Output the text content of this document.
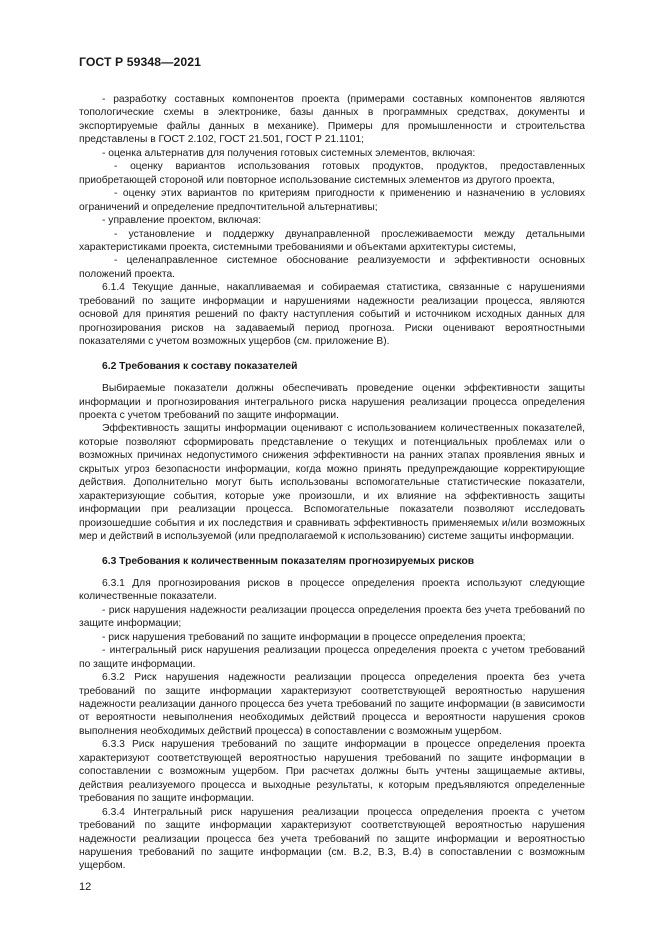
ГОСТ Р 59348—2021

- разработку составных компонентов проекта (примерами составных компонентов являются топологические схемы в электронике, базы данных в программных средствах, документы и экспортируемые файлы данных в механике). Примеры для промышленности и строительства представлены в ГОСТ 2.102, ГОСТ 21.501, ГОСТ Р 21.1101;

- оценка альтернатив для получения готовых системных элементов, включая:

- оценку вариантов использования готовых продуктов, продуктов, предоставленных приобретающей стороной или повторное использование системных элементов из другого проекта,

- оценку этих вариантов по критериям пригодности к применению и назначению в условиях ограничений и определение предпочтительной альтернативы;

- управление проектом, включая:

- установление и поддержку двунаправленной прослеживаемости между детальными характеристиками проекта, системными требованиями и объектами архитектуры системы,

- целенаправленное системное обоснование реализуемости и эффективности основных положений проекта.

6.1.4 Текущие данные, накапливаемая и собираемая статистика, связанные с нарушениями требований по защите информации и нарушениями надежности реализации процесса, являются основой для принятия решений по факту наступления событий и источником исходных данных для прогнозирования рисков на задаваемый период прогноза. Риски оценивают вероятностными показателями с учетом возможных ущербов (см. приложение В).

6.2 Требования к составу показателей

Выбираемые показатели должны обеспечивать проведение оценки эффективности защиты информации и прогнозирования интегрального риска нарушения реализации процесса определения проекта с учетом требований по защите информации.

Эффективность защиты информации оценивают с использованием количественных показателей, которые позволяют сформировать представление о текущих и потенциальных проблемах или о возможных причинах недопустимого снижения эффективности на ранних этапах проявления явных и скрытых угроз безопасности информации, когда можно принять предупреждающие корректирующие действия. Дополнительно могут быть использованы вспомогательные статистические показатели, характеризующие события, которые уже произошли, и их влияние на эффективность защиты информации при реализации процесса. Вспомогательные показатели позволяют исследовать произошедшие события и их последствия и сравнивать эффективность применяемых и/или возможных мер и действий в используемой (или предполагаемой к использованию) системе защиты информации.

6.3 Требования к количественным показателям прогнозируемых рисков

6.3.1 Для прогнозирования рисков в процессе определения проекта используют следующие количественные показатели.

- риск нарушения надежности реализации процесса определения проекта без учета требований по защите информации;

- риск нарушения требований по защите информации в процессе определения проекта;

- интегральный риск нарушения реализации процесса определения проекта с учетом требований по защите информации.

6.3.2 Риск нарушения надежности реализации процесса определения проекта без учета требований по защите информации характеризуют соответствующей вероятностью нарушения надежности реализации данного процесса без учета требований по защите информации (в зависимости от вероятности невыполнения необходимых действий процесса и вероятности нарушения сроков выполнения необходимых действий процесса) в сопоставлении с возможным ущербом.

6.3.3 Риск нарушения требований по защите информации в процессе определения проекта характеризуют соответствующей вероятностью нарушения требований по защите информации в сопоставлении с возможным ущербом. При расчетах должны быть учтены защищаемые активы, действия реализуемого процесса и выходные результаты, к которым предъявляются определенные требования по защите информации.

6.3.4 Интегральный риск нарушения реализации процесса определения проекта с учетом требований по защите информации характеризуют соответствующей вероятностью нарушения надежности реализации процесса без учета требований по защите информации и вероятностью нарушения требований по защите информации (см. В.2, В.3, В.4) в сопоставлении с возможным ущербом.

12
